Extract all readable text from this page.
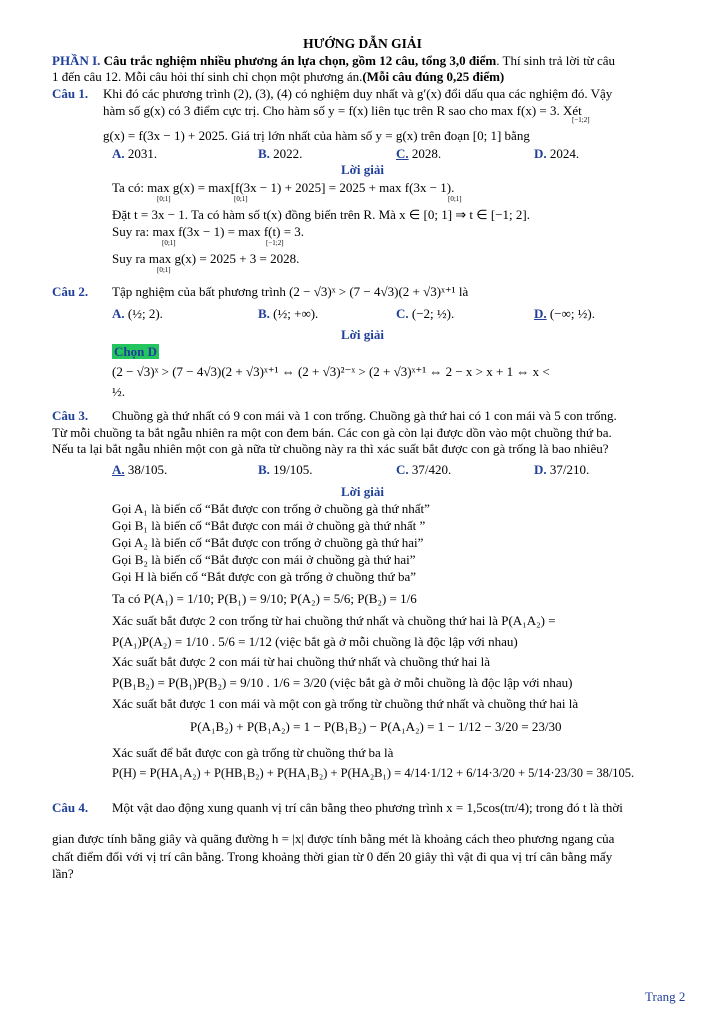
HƯỚNG DẪN GIẢI
PHẦN I. Câu trắc nghiệm nhiều phương án lựa chọn, gồm 12 câu, tổng 3,0 điểm. Thí sinh trả lời từ câu
1 đến câu 12. Mỗi câu hỏi thí sinh chỉ chọn một phương án.(Mỗi câu đúng 0,25 điểm)
Câu 1. Khi đó các phương trình (2), (3), (4) có nghiệm duy nhất và g′(x) đổi dấu qua các nghiệm đó. Vậy
hàm số g(x) có 3 điểm cực trị. Cho hàm số y = f(x) liên tục trên R sao cho max f(x) = 3. Xét
[−1;2]
g(x) = f(3x − 1) + 2025. Giá trị lớn nhất của hàm số y = g(x) trên đoạn [0; 1] bằng
A. 2031.	B. 2022.	C. 2028.	D. 2024.
Lời giải
Ta có: max g(x) = max[f(3x − 1) + 2025] = 2025 + max f(3x − 1).
[0;1]	[0;1]	[0;1]
Đặt t = 3x − 1. Ta có hàm số t(x) đồng biến trên R. Mà x ∈ [0; 1] ⇒ t ∈ [−1; 2].
Suy ra: max f(3x − 1) = max f(t) = 3.
[0;1]	[−1;2]
Suy ra max g(x) = 2025 + 3 = 2028.
[0;1]
Câu 2. Tập nghiệm của bất phương trình (2 − √3)ˣ > (7 − 4√3)(2 + √3)ˣ⁺¹ là
A. (½; 2).	B. (½; +∞).	C. (−2; ½).	D. (−∞; ½).
Lời giải
Chọn D
(2 − √3)ˣ > (7 − 4√3)(2 + √3)ˣ⁺¹ ⇔ (2 + √3)²⁻ˣ > (2 + √3)ˣ⁺¹ ⇔ 2 − x > x + 1 ⇔ x <
½.
Câu 3. Chuồng gà thứ nhất có 9 con mái và 1 con trống. Chuồng gà thứ hai có 1 con mái và 5 con trống.
Từ mỗi chuồng ta bắt ngẫu nhiên ra một con đem bán. Các con gà còn lại được dồn vào một chuồng thứ ba.
Nếu ta lại bắt ngẫu nhiên một con gà nữa từ chuồng này ra thì xác suất bắt được con gà trống là bao nhiêu?
A. 38/105.	B. 19/105.	C. 37/420.	D. 37/210.
Lời giải
Gọi A₁ là biến cố “Bắt được con trống ở chuồng gà thứ nhất”
Gọi B₁ là biến cố “Bắt được con mái ở chuồng gà thứ nhất ”
Gọi A₂ là biến cố “Bắt được con trống ở chuồng gà thứ hai”
Gọi B₂ là biến cố “Bắt được con mái ở chuồng gà thứ hai”
Gọi H là biến cố “Bắt được con gà trống ở chuồng thứ ba”
Ta có P(A₁) = 1/10; P(B₁) = 9/10; P(A₂) = 5/6; P(B₂) = 1/6
Xác suất bắt được 2 con trống từ hai chuồng thứ nhất và chuồng thứ hai là P(A₁A₂) =
P(A₁)P(A₂) = 1/10 . 5/6 = 1/12 (việc bắt gà ở mỗi chuồng là độc lập với nhau)
Xác suất bắt được 2 con mái từ hai chuồng thứ nhất và chuồng thứ hai là
P(B₁B₂) = P(B₁)P(B₂) = 9/10 . 1/6 = 3/20 (việc bắt gà ở mỗi chuồng là độc lập với nhau)
Xác suất bắt được 1 con mái và một con gà trống từ chuồng thứ nhất và chuồng thứ hai là
P(A₁B₂) + P(B₁A₂) = 1 − P(B₁B₂) − P(A₁A₂) = 1 − 1/12 − 3/20 = 23/30
Xác suất để bắt được con gà trống từ chuồng thứ ba là
P(H) = P(HA₁A₂) + P(HB₁B₂) + P(HA₁B₂) + P(HA₂B₁) = 4/14·1/12 + 6/14·3/20 + 5/14·23/30 = 38/105.
Câu 4. Một vật dao động xung quanh vị trí cân bằng theo phương trình x = 1,5cos(tπ/4); trong đó t là thời
gian được tính bằng giây và quãng đường h = |x| được tính bằng mét là khoảng cách theo phương ngang của
chất điểm đối với vị trí cân bằng. Trong khoảng thời gian từ 0 đến 20 giây thì vật đi qua vị trí cân bằng mấy
lần?
Trang 2
